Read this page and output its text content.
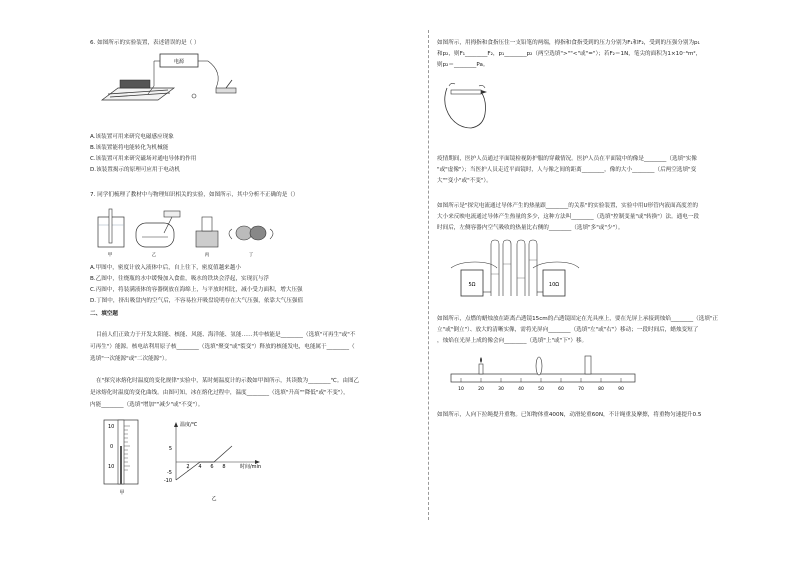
6. 如图所示的实验装置，表述错误的是（ ）
电源
A.该装置可用来研究电磁感应现象
B.该装置能将电能转化为机械能
C.该装置可用来研究磁场对通电导体的作用
D.该装置揭示的原理可应用于电动机
7. 同学们梳理了教材中与物理知识相关的实验，如图所示，其中分析不正确的是（）
甲	乙	丙	丁
A.甲图中，密度计放入液体中后，自上往下，密度值越来越小
B.乙图中，往烧瓶的水中缓慢加入食盐，吸水的铁块会浮起，实现沉与浮
C.丙图中，将装满液体的容器倒放在海绵上，与平放时相比，减小受力面积，增大压强
D.丁图中，挤出吸盘内的空气后，不容易拉开吸盘说明存在大气压强，依靠大气压强值
二、填空题
目前人们正致力于开发太阳能、核能、风能、海洋能、氢能……其中核能是________（选填"可再生"或"不
可再生"）能源。核电站利用原子核________（选填"聚变"或"裂变"）释放的核能发电，电能属于________（
选填"一次能源"或"二次能源"）。
在"探究冰熔化时温度的变化规律"实验中，某时刻温度计的示数如甲图所示，其读数为________℃。由图乙
是冰熔化时温度的变化曲线。由图可知，冰在熔化过程中，温度________（选填"升高""降低"或"不变"），
内能________（选填"增加""减少"或"不变"）。
10
0
10
甲
温度/℃
时间/min
2 4 6 8
5
-5
-10
乙
如图所示，用拇指和食指压住一支铅笔的两端，拇指和食指受到的压力分别为F₁和F₂，受到的压强分别为p₁
和p₂，则F₁________F₂，p₁________p₂（两空选填">""<"或"="）；若F₂＝1N，笔尖的面积为1×10⁻⁶m²，
则p₂＝________Pa。
疫情期间，医护人员通过平面镜检视防护服的穿戴情况。医护人员在平面镜中的像是________（选填"实像
"或"虚像"）；当医护人员走近平面镜时，人与像之间的距离________，像的大小________（后两空选填"变
大""变小"或"不变"）。
如图所示是"探究电流通过导体产生的热量跟________的关系"的实验装置，实验中用U形管内液面高度差的
大小来反映电流通过导体产生热量的多少，这种方法叫________（选填"控制变量"或"转换"）法。通电一段
时间后，左侧容器内空气吸收的热量比右侧的________（选填"多"或"少"）。
5Ω	10Ω
如图所示，点燃的蜡烛放在距离凸透镜15cm的凸透镜固定在光具座上，要在光屏上承接到烛焰________（选填"正
立"或"倒立"）、放大的清晰实像，需将光屏向________（选填"左"或"右"）移动；一段时间后，蜡烛变短了
，烛焰在光屏上成的像会向________（选填"上"或"下"）移。
10	20	30	40	50	60	70	80	90
如图所示，人向下拉绳提升重物。已知物体重400N，动滑轮重60N，不计绳重及摩擦，将重物匀速提升0.5
